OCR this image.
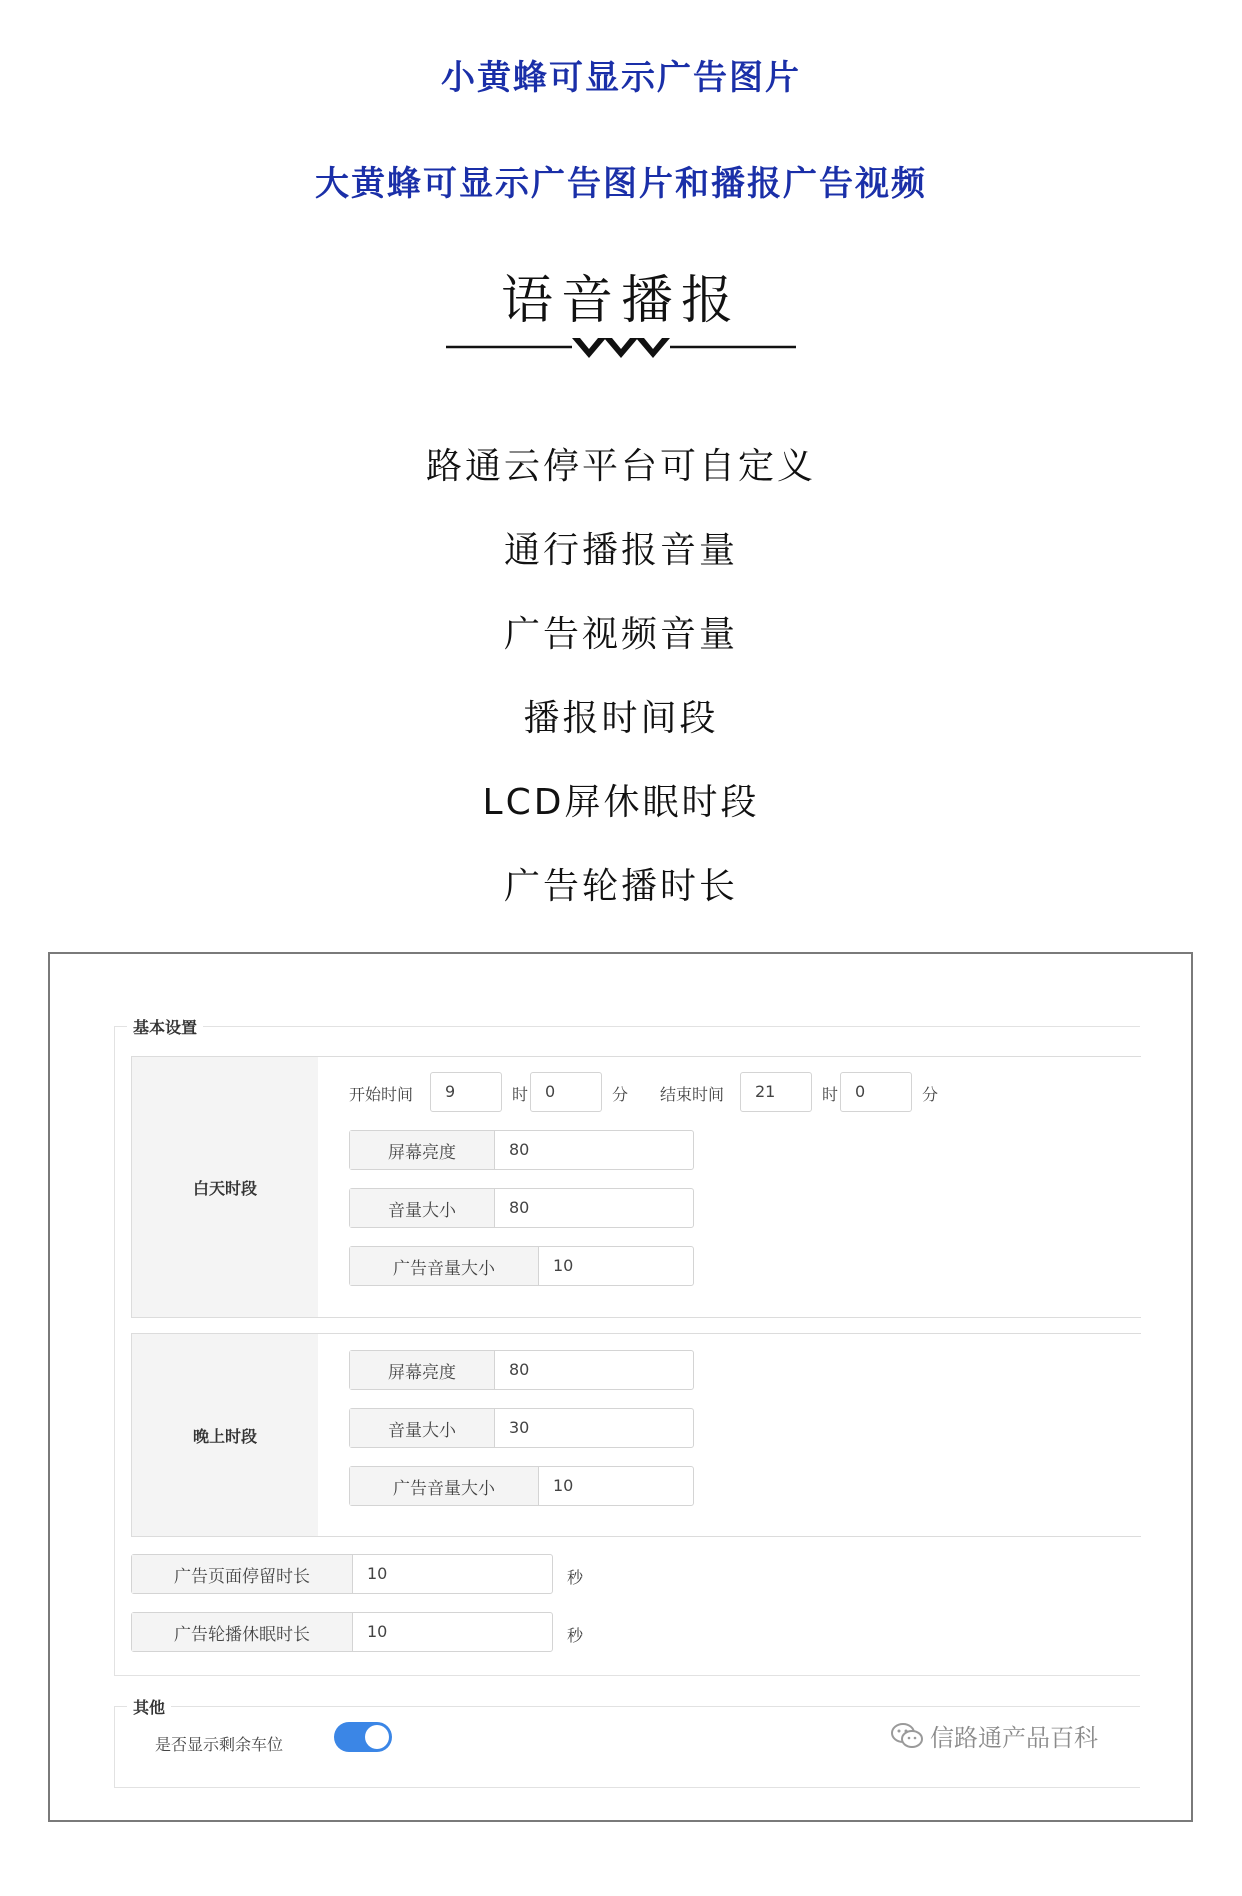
小黄蜂可显示广告图片
大黄蜂可显示广告图片和播报广告视频
语音播报
路通云停平台可自定义
通行播报音量
广告视频音量
播报时间段
LCD屏休眠时段
广告轮播时长
基本设置
白天时段
开始时间	9	时	0	分 结束时间	21	时	0	分
屏幕亮度	80
音量大小	80
广告音量大小	10
晚上时段
屏幕亮度	80
音量大小	30
广告音量大小	10
广告页面停留时长	10	秒
广告轮播休眠时长	10	秒
其他
是否显示剩余车位	信路通产品百科
